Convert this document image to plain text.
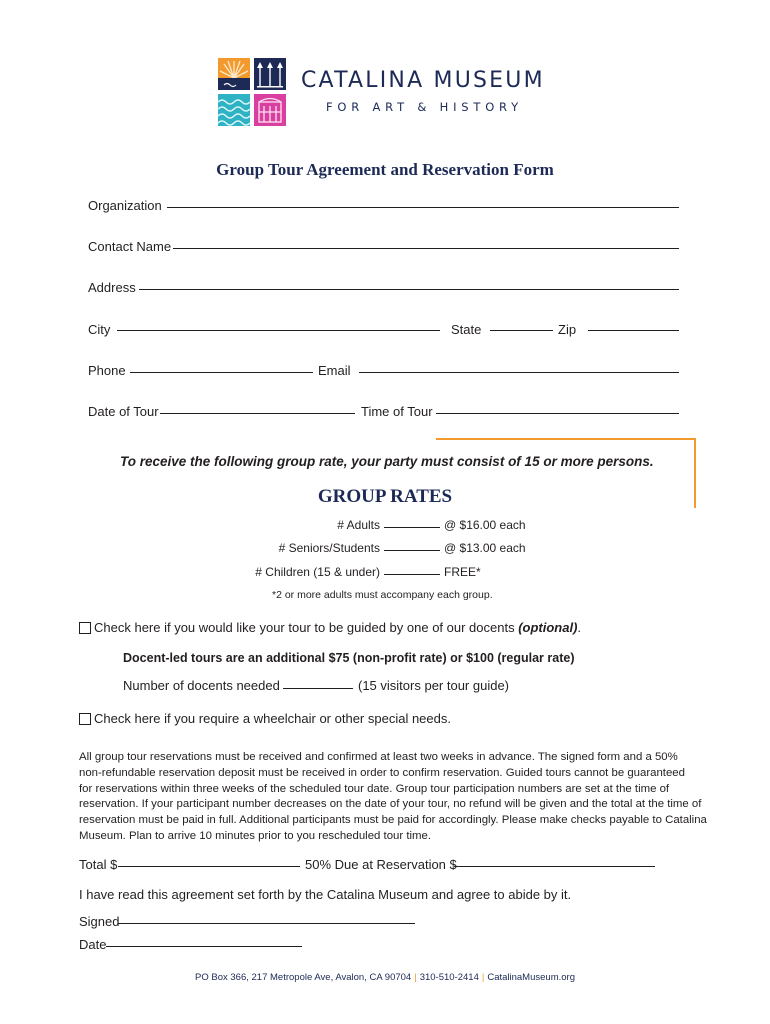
CATALINA MUSEUM
FOR ART & HISTORY
Group Tour Agreement and Reservation Form
Organization
Contact Name
Address
City	State	Zip
Phone	Email
Date of Tour	Time of Tour
To receive the following group rate, your party must consist of 15 or more persons.
GROUP RATES
# Adults	@ $16.00 each
# Seniors/Students	@ $13.00 each
# Children (15 & under)	FREE*
*2 or more adults must accompany each group.
Check here if you would like your tour to be guided by one of our docents (optional).
Docent-led tours are an additional $75 (non-profit rate) or $100 (regular rate)
Number of docents needed	(15 visitors per tour guide)
Check here if you require a wheelchair or other special needs.
All group tour reservations must be received and confirmed at least two weeks in advance. The signed form and a 50%
non-refundable reservation deposit must be received in order to confirm reservation. Guided tours cannot be guaranteed
for reservations within three weeks of the scheduled tour date. Group tour participation numbers are set at the time of
reservation. If your participant number decreases on the date of your tour, no refund will be given and the total at the time of
reservation must be paid in full. Additional participants must be paid for accordingly. Please make checks payable to Catalina
Museum. Plan to arrive 10 minutes prior to you rescheduled tour time.
Total $	50% Due at Reservation $
I have read this agreement set forth by the Catalina Museum and agree to abide by it.
Signed
Date
PO Box 366, 217 Metropole Ave, Avalon, CA 90704 | 310-510-2414 | CatalinaMuseum.org
